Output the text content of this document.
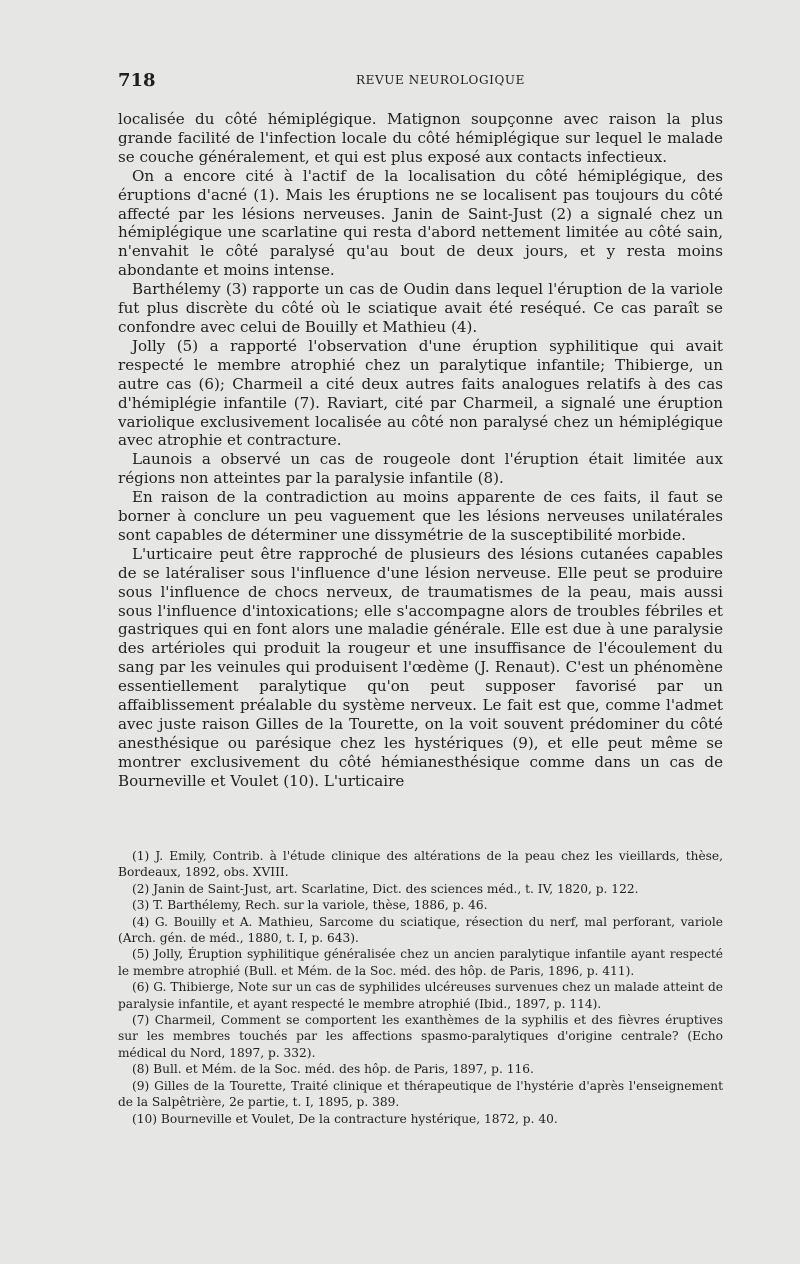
718	REVUE NEUROLOGIQUE

localisée du côté hémiplégique. Matignon soupçonne avec raison la plus grande facilité de l'infection locale du côté hémiplégique sur lequel le malade se couche généralement, et qui est plus exposé aux contacts infectieux.

On a encore cité à l'actif de la localisation du côté hémiplégique, des éruptions d'acné (1). Mais les éruptions ne se localisent pas toujours du côté affecté par les lésions nerveuses. Janin de Saint-Just (2) a signalé chez un hémiplégique une scarlatine qui resta d'abord nettement limitée au côté sain, n'envahit le côté paralysé qu'au bout de deux jours, et y resta moins abondante et moins intense.

Barthélemy (3) rapporte un cas de Oudin dans lequel l'éruption de la variole fut plus discrète du côté où le sciatique avait été reséqué. Ce cas paraît se confondre avec celui de Bouilly et Mathieu (4).

Jolly (5) a rapporté l'observation d'une éruption syphilitique qui avait respecté le membre atrophié chez un paralytique infantile; Thibierge, un autre cas (6); Charmeil a cité deux autres faits analogues relatifs à des cas d'hémiplégie infantile (7). Raviart, cité par Charmeil, a signalé une éruption variolique exclusivement localisée au côté non paralysé chez un hémiplégique avec atrophie et contracture.

Launois a observé un cas de rougeole dont l'éruption était limitée aux régions non atteintes par la paralysie infantile (8).

En raison de la contradiction au moins apparente de ces faits, il faut se borner à conclure un peu vaguement que les lésions nerveuses unilatérales sont capables de déterminer une dissymétrie de la susceptibilité morbide.

L'urticaire peut être rapproché de plusieurs des lésions cutanées capables de se latéraliser sous l'influence d'une lésion nerveuse. Elle peut se produire sous l'influence de chocs nerveux, de traumatismes de la peau, mais aussi sous l'influence d'intoxications; elle s'accompagne alors de troubles fébriles et gastriques qui en font alors une maladie générale. Elle est due à une paralysie des artérioles qui produit la rougeur et une insuffisance de l'écoulement du sang par les veinules qui produisent l'œdème (J. Renaut). C'est un phénomène essentiellement paralytique qu'on peut supposer favorisé par un affaiblissement préalable du système nerveux. Le fait est que, comme l'admet avec juste raison Gilles de la Tourette, on la voit souvent prédominer du côté anesthésique ou parésique chez les hystériques (9), et elle peut même se montrer exclusivement du côté hémianesthésique comme dans un cas de Bourneville et Voulet (10). L'urticaire

(1) J. Emily, Contrib. à l'étude clinique des altérations de la peau chez les vieillards, thèse, Bordeaux, 1892, obs. XVIII.

(2) Janin de Saint-Just, art. Scarlatine, Dict. des sciences méd., t. IV, 1820, p. 122.

(3) T. Barthélemy, Rech. sur la variole, thèse, 1886, p. 46.

(4) G. Bouilly et A. Mathieu, Sarcome du sciatique, résection du nerf, mal perforant, variole (Arch. gén. de méd., 1880, t. I, p. 643).

(5) Jolly, Éruption syphilitique généralisée chez un ancien paralytique infantile ayant respecté le membre atrophié (Bull. et Mém. de la Soc. méd. des hôp. de Paris, 1896, p. 411).

(6) G. Thibierge, Note sur un cas de syphilides ulcéreuses survenues chez un malade atteint de paralysie infantile, et ayant respecté le membre atrophié (Ibid., 1897, p. 114).

(7) Charmeil, Comment se comportent les exanthèmes de la syphilis et des fièvres éruptives sur les membres touchés par les affections spasmo-paralytiques d'origine centrale? (Echo médical du Nord, 1897, p. 332).

(8) Bull. et Mém. de la Soc. méd. des hôp. de Paris, 1897, p. 116.

(9) Gilles de la Tourette, Traité clinique et thérapeutique de l'hystérie d'après l'enseignement de la Salpêtrière, 2e partie, t. I, 1895, p. 389.

(10) Bourneville et Voulet, De la contracture hystérique, 1872, p. 40.
